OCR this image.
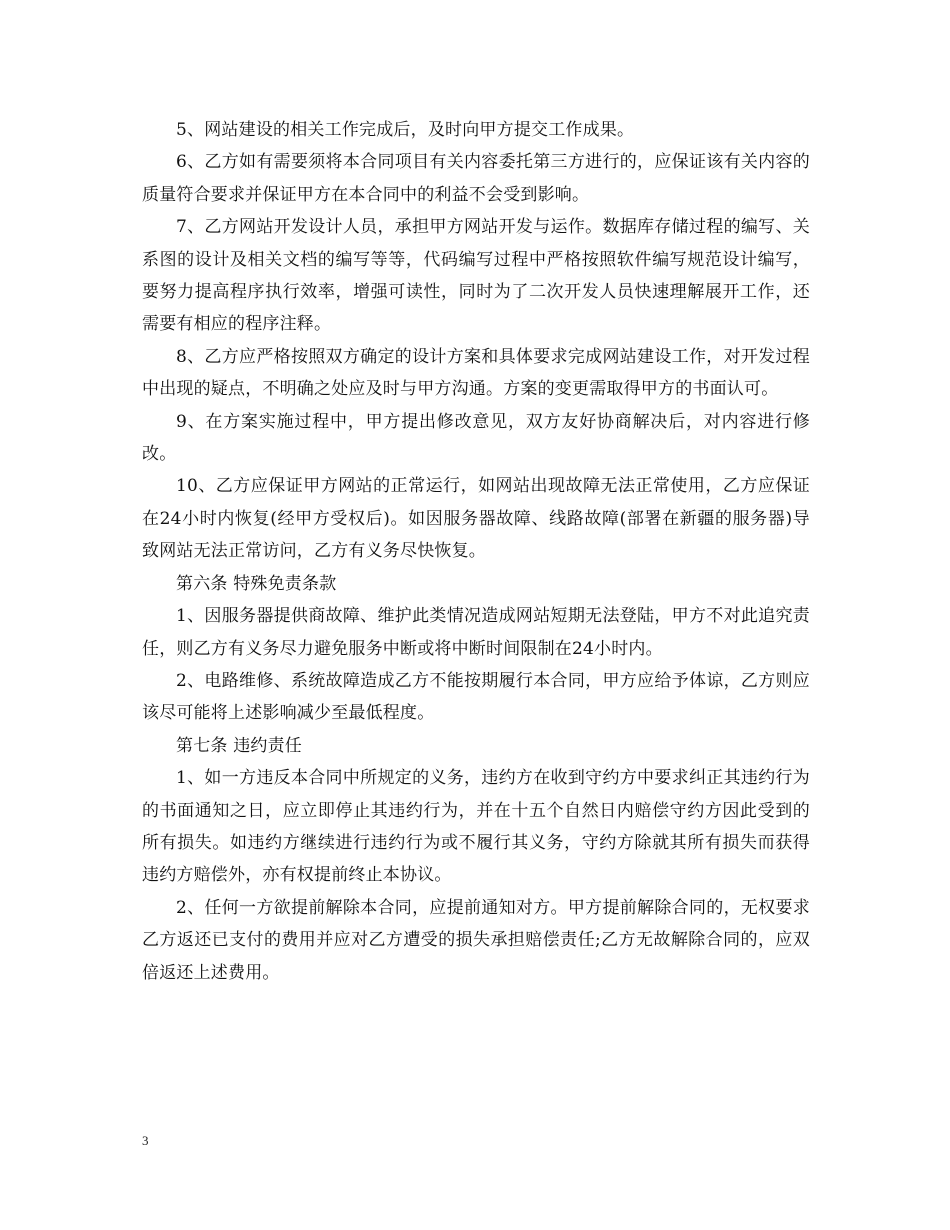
5、网站建设的相关工作完成后，及时向甲方提交工作成果。

6、乙方如有需要须将本合同项目有关内容委托第三方进行的，应保证该有关内容的质量符合要求并保证甲方在本合同中的利益不会受到影响。

7、乙方网站开发设计人员，承担甲方网站开发与运作。数据库存储过程的编写、关系图的设计及相关文档的编写等等，代码编写过程中严格按照软件编写规范设计编写，要努力提高程序执行效率，增强可读性，同时为了二次开发人员快速理解展开工作，还需要有相应的程序注释。

8、乙方应严格按照双方确定的设计方案和具体要求完成网站建设工作，对开发过程中出现的疑点，不明确之处应及时与甲方沟通。方案的变更需取得甲方的书面认可。

9、在方案实施过程中，甲方提出修改意见，双方友好协商解决后，对内容进行修改。

10、乙方应保证甲方网站的正常运行，如网站出现故障无法正常使用，乙方应保证在24小时内恢复(经甲方受权后)。如因服务器故障、线路故障(部署在新疆的服务器)导致网站无法正常访问，乙方有义务尽快恢复。

第六条 特殊免责条款

1、因服务器提供商故障、维护此类情况造成网站短期无法登陆，甲方不对此追究责任，则乙方有义务尽力避免服务中断或将中断时间限制在24小时内。

2、电路维修、系统故障造成乙方不能按期履行本合同，甲方应给予体谅，乙方则应该尽可能将上述影响减少至最低程度。

第七条 违约责任

1、如一方违反本合同中所规定的义务，违约方在收到守约方中要求纠正其违约行为的书面通知之日，应立即停止其违约行为，并在十五个自然日内赔偿守约方因此受到的所有损失。如违约方继续进行违约行为或不履行其义务，守约方除就其所有损失而获得违约方赔偿外，亦有权提前终止本协议。

2、任何一方欲提前解除本合同，应提前通知对方。甲方提前解除合同的，无权要求乙方返还已支付的费用并应对乙方遭受的损失承担赔偿责任;乙方无故解除合同的，应双倍返还上述费用。

3
